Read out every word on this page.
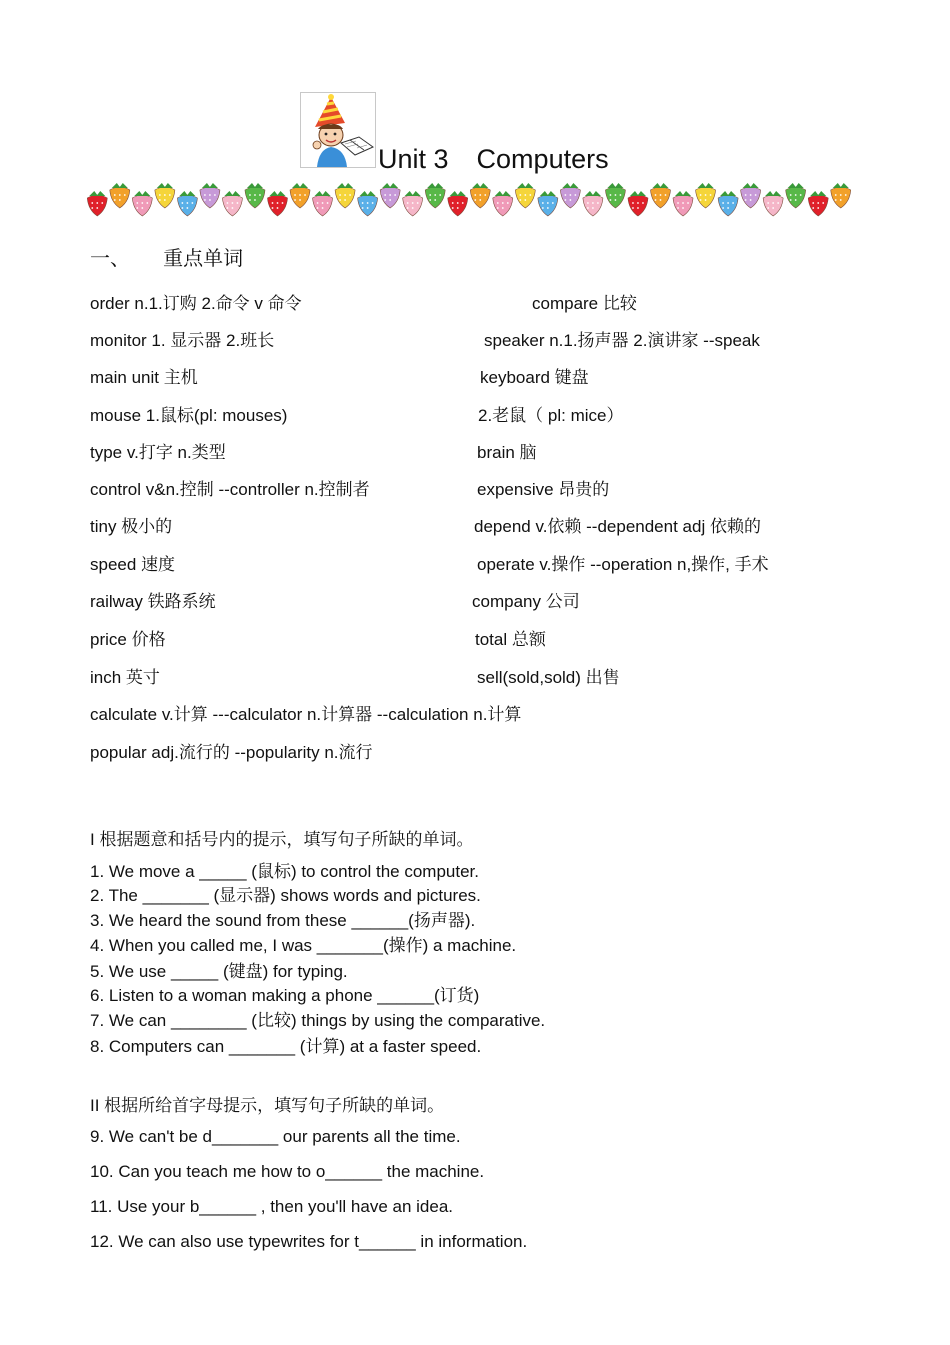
Unit 3 Computers
一、 重点单词
order n.1.订购 2.命令 v 命令	compare 比较
monitor 1. 显示器 2.班长	speaker n.1.扬声器 2.演讲家 --speak
main unit 主机	keyboard 键盘
mouse 1.鼠标(pl: mouses)	2.老鼠（ pl: mice）
type v.打字 n.类型	brain 脑
control v&n.控制 --controller n.控制者	expensive 昂贵的
tiny 极小的	depend v.依赖 --dependent adj 依赖的
speed 速度	operate v.操作 --operation n,操作, 手术
railway 铁路系统	company 公司
price 价格	total 总额
inch 英寸	sell(sold,sold) 出售
calculate v.计算 ---calculator n.计算器 --calculation n.计算
popular adj.流行的 --popularity n.流行
I 根据题意和括号内的提示，填写句子所缺的单词。
1. We move a _____ (鼠标) to control the computer.
2. The _______ (显示器) shows words and pictures.
3. We heard the sound from these ______(扬声器).
4. When you called me, I was _______(操作) a machine.
5. We use _____ (键盘) for typing.
6. Listen to a woman making a phone ______(订货)
7. We can ________ (比较) things by using the comparative.
8. Computers can _______ (计算) at a faster speed.
II 根据所给首字母提示，填写句子所缺的单词。
9. We can't be d_______ our parents all the time.
10. Can you teach me how to o______ the machine.
11. Use your b______ , then you'll have an idea.
12. We can also use typewrites for t______ in information.
